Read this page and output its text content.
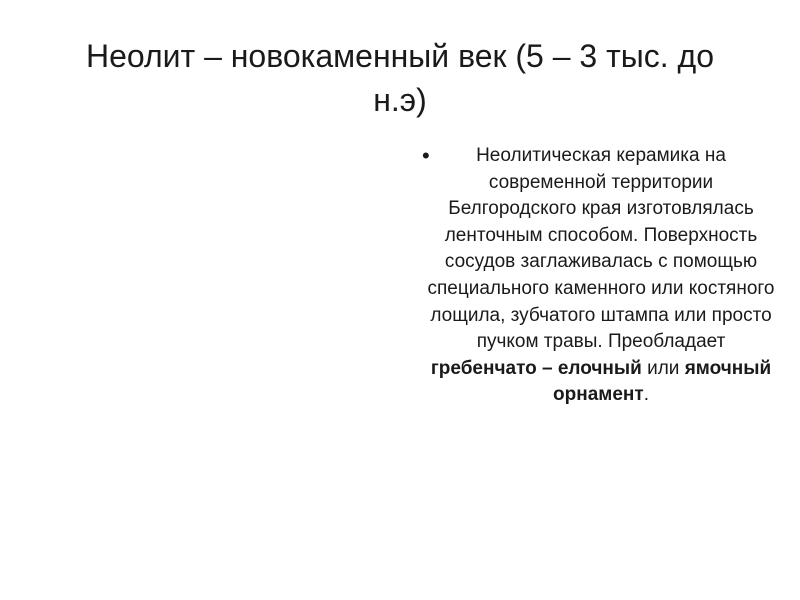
Неолит – новокаменный век (5 – 3 тыс. до
н.э)
•	Неолитическая керамика на современной территории Белгородского края изготовлялась ленточным способом. Поверхность сосудов заглаживалась с помощью специального каменного или костяного лощила, зубчатого штампа или просто пучком травы. Преобладает гребенчато – елочный или ямочный орнамент.
